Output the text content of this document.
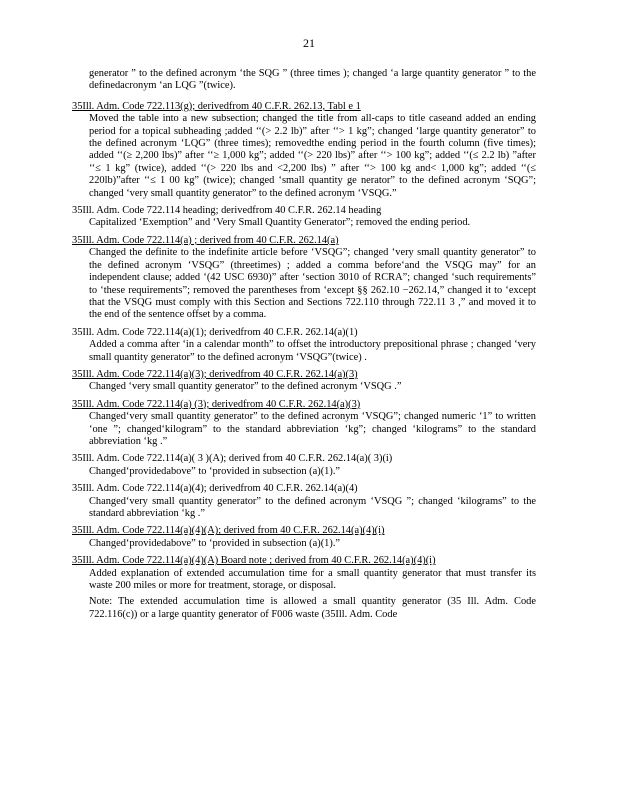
21
generator ” to the defined acronym ‘the SQG ” (three times ); changed ‘a large quantity generator ” to the definedacronym ‘an LQG ”(twice).
35Ill. Adm. Code 722.113(g); derivedfrom 40 C.F.R. 262.13, Tabl e 1
Moved the table into a new subsection; changed the title from all-caps to title caseand added an ending period for a topical subheading ;added ‘‘(> 2.2 lb)” after ‘‘> 1 kg”; changed ‘large quantity generator” to the defined acronym ‘LQG” (three times); removedthe ending period in the fourth column (five times); added ‘‘(≥ 2,200 lbs)” after ‘‘≥ 1,000 kg”; added ‘‘(> 220 lbs)” after ‘‘> 100 kg”; added ‘‘(≤ 2.2 lb) ”after ‘‘≤ 1 kg” (twice), added ‘‘(> 220 lbs and <2,200 lbs) ” after ‘‘> 100 kg and< 1,000 kg”; added ‘‘(≤ 220lb)”after ‘‘≤ 1 00 kg” (twice); changed ‘small quantity ge nerator” to the defined acronym ‘SQG”; changed ‘very small quantity generator” to the defined acronym ‘VSQG.”
35Ill. Adm. Code 722.114 heading; derivedfrom 40 C.F.R. 262.14 heading
Capitalized ‘Exemption” and ‘Very Small Quantity Generator”; removed the ending period.
35Ill. Adm. Code 722.114(a) ; derived from 40 C.F.R. 262.14(a)
Changed the definite to the indefinite article before ‘VSQG”; changed ‘very small quantity generator” to the defined acronym ‘VSQG” (threetimes) ; added a comma before‘and the VSQG may” for an independent clause; added ‘(42 USC 6930)” after ‘section 3010 of RCRA”; changed ‘such requirements” to ‘these requirements”; removed the parentheses from ‘except §§ 262.10 −262.14,” changed it to ‘except that the VSQG must comply with this Section and Sections 722.110 through 722.11 3 ,” and moved it to the end of the sentence offset by a comma.
35Ill. Adm. Code 722.114(a)(1); derivedfrom 40 C.F.R. 262.14(a)(1)
Added a comma after ‘in a calendar month” to offset the introductory prepositional phrase ; changed ‘very small quantity generator” to the defined acronym ‘VSQG”(twice) .
35Ill. Adm. Code 722.114(a)(3); derivedfrom 40 C.F.R. 262.14(a)(3)
Changed ‘very small quantity generator” to the defined acronym ‘VSQG .”
35Ill. Adm. Code 722.114(a) (3); derivedfrom 40 C.F.R. 262.14(a)(3)
Changed‘very small quantity generator” to the defined acronym ‘VSQG”; changed numeric ‘1” to written ‘one ”; changed‘kilogram” to the standard abbreviation ‘kg”; changed ‘kilograms” to the standard abbreviation ‘kg .”
35Ill. Adm. Code 722.114(a)( 3 )(A); derived from 40 C.F.R. 262.14(a)( 3)(i)
Changed‘providedabove” to ‘provided in subsection (a)(1).”
35Ill. Adm. Code 722.114(a)(4); derivedfrom 40 C.F.R. 262.14(a)(4)
Changed‘very small quantity generator” to the defined acronym ‘VSQG ”; changed ‘kilograms” to the standard abbreviation ‘kg .”
35Ill. Adm. Code 722.114(a)(4)(A); derived from 40 C.F.R. 262.14(a)(4)(i)
Changed‘providedabove” to ‘provided in subsection (a)(1).”
35Ill. Adm. Code 722.114(a)(4)(A) Board note ; derived from 40 C.F.R. 262.14(a)(4)(i)
Added explanation of extended accumulation time for a small quantity generator that must transfer its waste 200 miles or more for treatment, storage, or disposal.
Note: The extended accumulation time is allowed a small quantity generator (35 Ill. Adm. Code 722.116(c)) or a large quantity generator of F006 waste (35Ill. Adm. Code
